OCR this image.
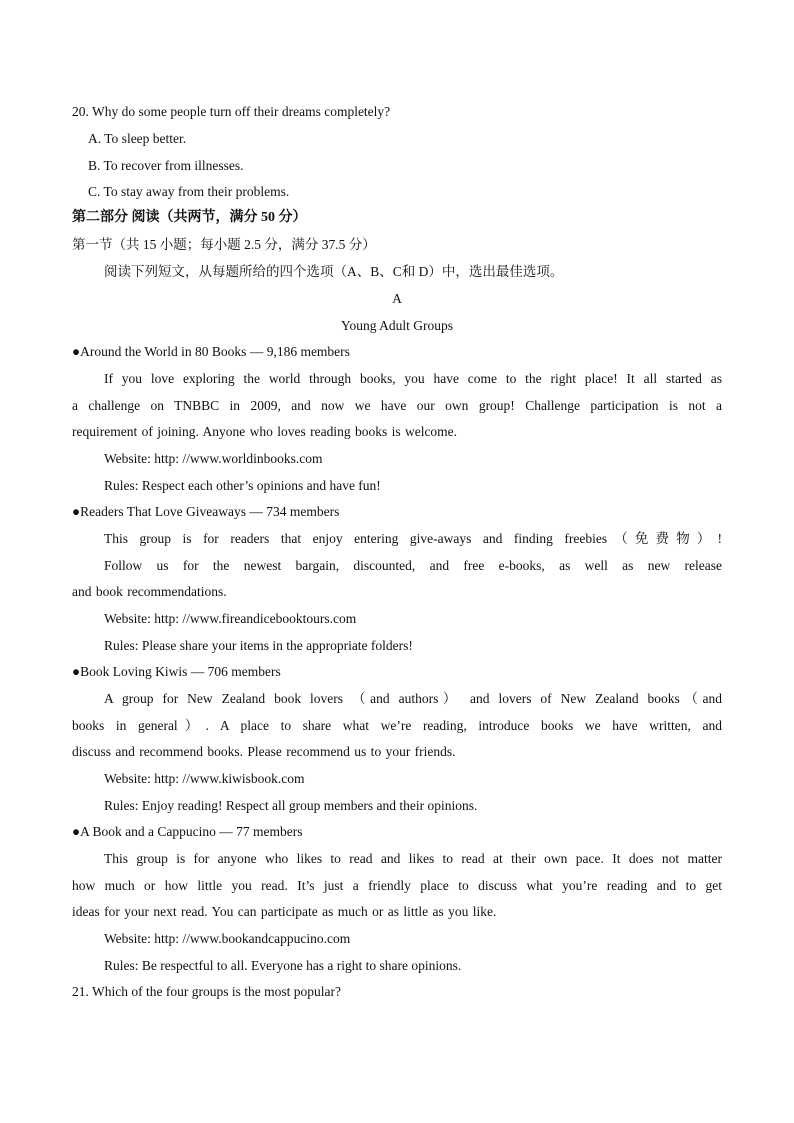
20. Why do some people turn off their dreams completely?
A. To sleep better.
B. To recover from illnesses.
C. To stay away from their problems.
第二部分 阅读（共两节，满分 50 分）
第一节（共 15 小题；每小题 2.5 分，满分 37.5 分）
阅读下列短文，从每题所给的四个选项（A、B、C和 D）中，选出最佳选项。
A
Young Adult Groups
●Around the World in 80 Books — 9,186 members
If you love exploring the world through books, you have come to the right place! It all started as
a challenge on TNBBC in 2009, and now we have our own group! Challenge participation is not a
requirement of joining. Anyone who loves reading books is welcome.
Website: http: //www.worldinbooks.com
Rules: Respect each other’s opinions and have fun!
●Readers That Love Giveaways — 734 members
This group is for readers that enjoy entering give-aways and finding freebies（免费物）!
Follow us for the newest bargain, discounted, and free e-books, as well as new release
and book recommendations.
Website: http: //www.fireandicebooktours.com
Rules: Please share your items in the appropriate folders!
●Book Loving Kiwis — 706 members
A group for New Zealand book lovers （and authors） and lovers of New Zealand books（and
books in general）. A place to share what we’re reading, introduce books we have written, and
discuss and recommend books. Please recommend us to your friends.
Website: http: //www.kiwisbook.com
Rules: Enjoy reading! Respect all group members and their opinions.
●A Book and a Cappucino — 77 members
This group is for anyone who likes to read and likes to read at their own pace. It does not matter
how much or how little you read. It’s just a friendly place to discuss what you’re reading and to get
ideas for your next read. You can participate as much or as little as you like.
Website: http: //www.bookandcappucino.com
Rules: Be respectful to all. Everyone has a right to share opinions.
21. Which of the four groups is the most popular?
